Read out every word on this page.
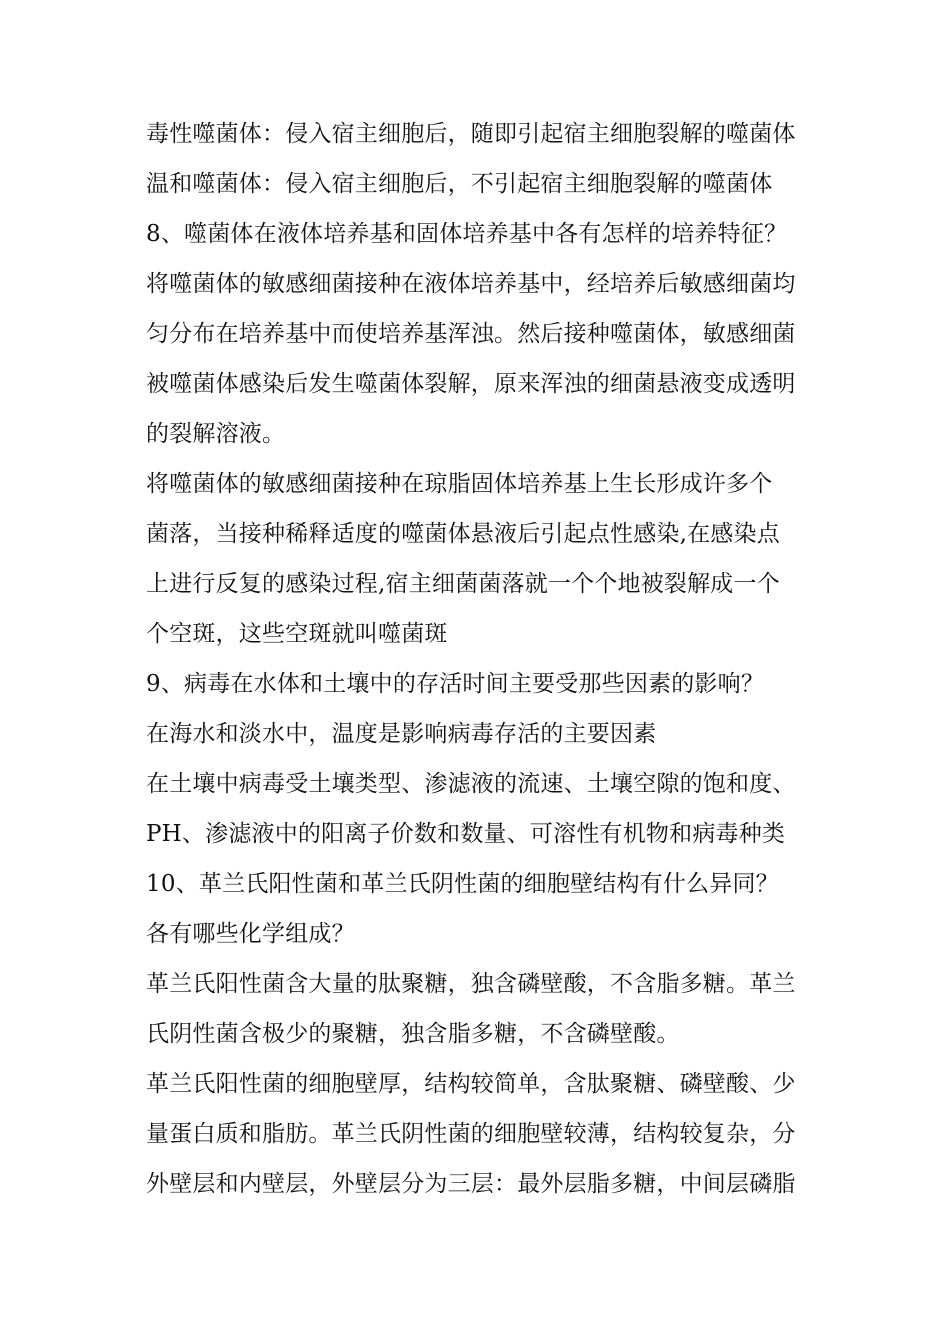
毒性噬菌体：侵入宿主细胞后，随即引起宿主细胞裂解的噬菌体
温和噬菌体：侵入宿主细胞后，不引起宿主细胞裂解的噬菌体
8、噬菌体在液体培养基和固体培养基中各有怎样的培养特征？
将噬菌体的敏感细菌接种在液体培养基中，经培养后敏感细菌均
匀分布在培养基中而使培养基浑浊。然后接种噬菌体，敏感细菌
被噬菌体感染后发生噬菌体裂解，原来浑浊的细菌悬液变成透明
的裂解溶液。
将噬菌体的敏感细菌接种在琼脂固体培养基上生长形成许多个
菌落，当接种稀释适度的噬菌体悬液后引起点性感染,在感染点
上进行反复的感染过程,宿主细菌菌落就一个个地被裂解成一个
个空斑，这些空斑就叫噬菌斑
9、病毒在水体和土壤中的存活时间主要受那些因素的影响？
在海水和淡水中，温度是影响病毒存活的主要因素
在土壤中病毒受土壤类型、渗滤液的流速、土壤空隙的饱和度、
PH、渗滤液中的阳离子价数和数量、可溶性有机物和病毒种类
10、革兰氏阳性菌和革兰氏阴性菌的细胞壁结构有什么异同？
各有哪些化学组成？
革兰氏阳性菌含大量的肽聚糖，独含磷壁酸，不含脂多糖。革兰
氏阴性菌含极少的聚糖，独含脂多糖，不含磷壁酸。
革兰氏阳性菌的细胞壁厚，结构较简单，含肽聚糖、磷壁酸、少
量蛋白质和脂肪。革兰氏阴性菌的细胞壁较薄，结构较复杂，分
外壁层和内壁层，外壁层分为三层：最外层脂多糖，中间层磷脂
